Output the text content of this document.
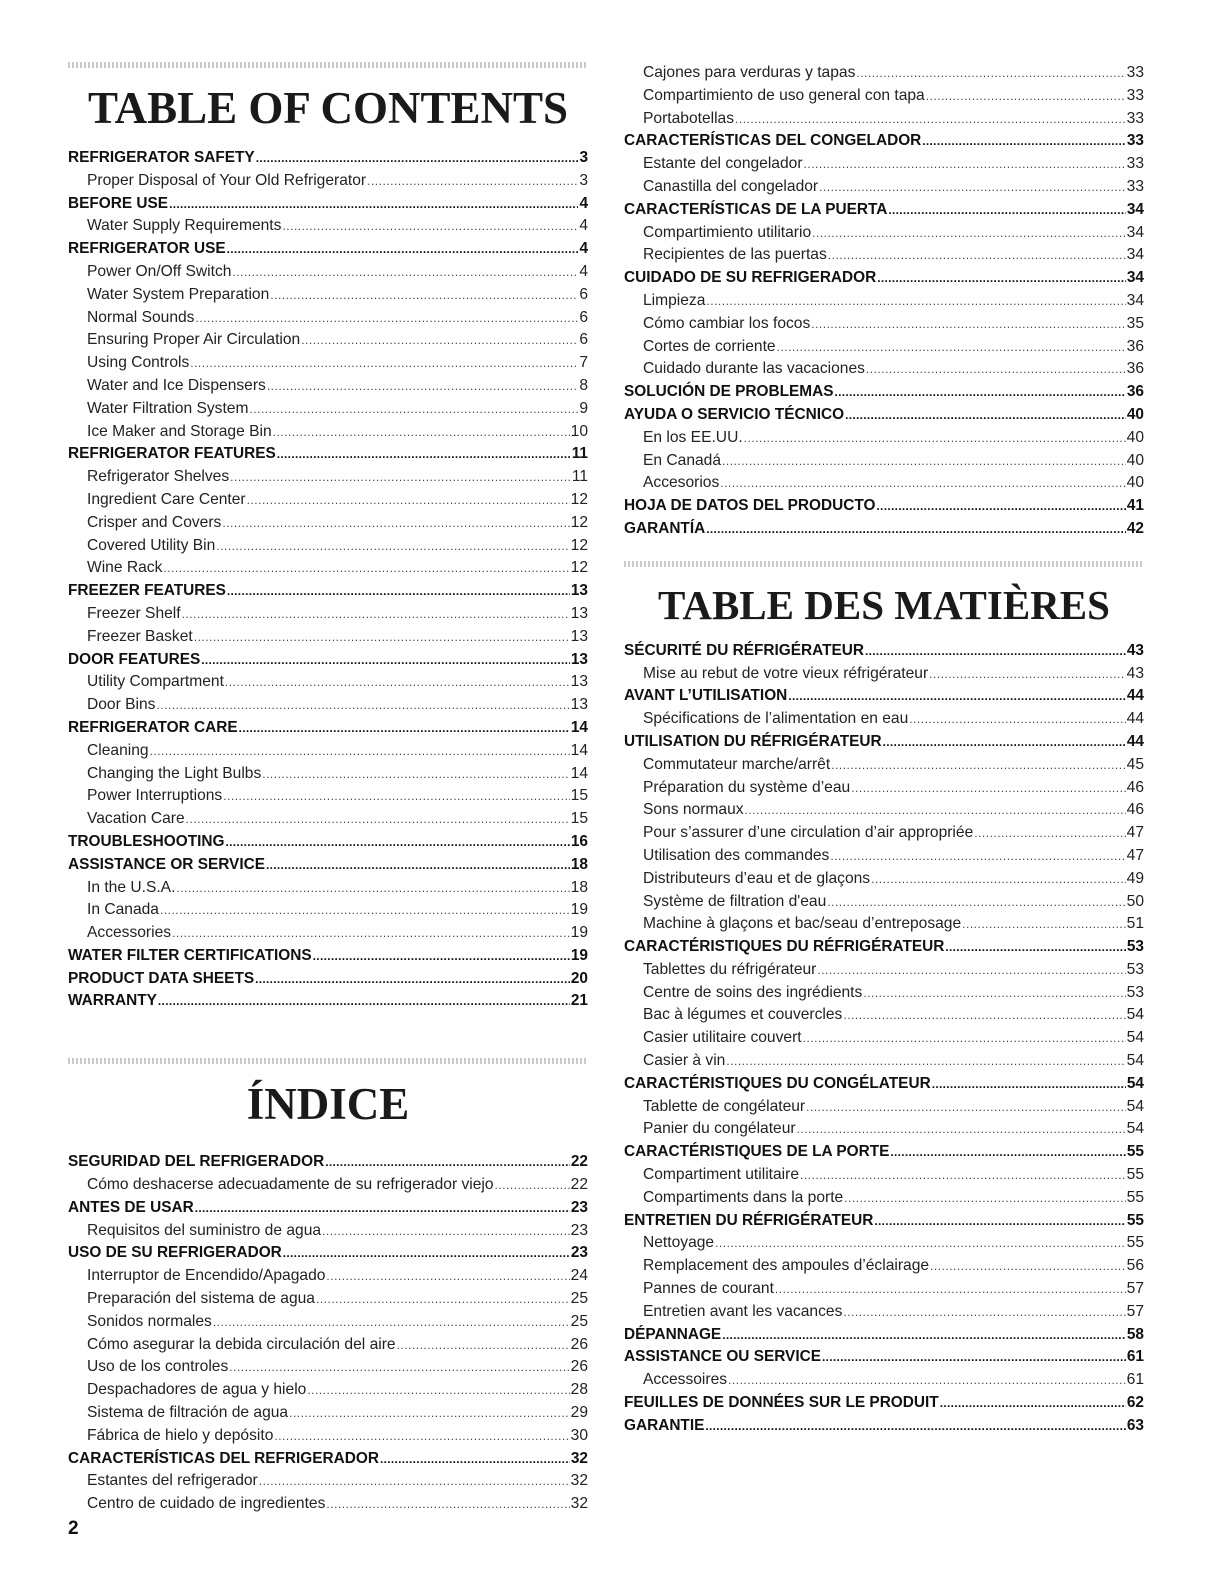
TABLE OF CONTENTS
REFRIGERATOR SAFETY .....	3
Proper Disposal of Your Old Refrigerator .....	3
BEFORE USE .....	4
Water Supply Requirements .....	4
REFRIGERATOR USE .....	4
Power On/Off Switch .....	4
Water System Preparation .....	6
Normal Sounds .....	6
Ensuring Proper Air Circulation .....	6
Using Controls .....	7
Water and Ice Dispensers .....	8
Water Filtration System .....	9
Ice Maker and Storage Bin .....	10
REFRIGERATOR FEATURES .....	11
Refrigerator Shelves .....	11
Ingredient Care Center .....	12
Crisper and Covers .....	12
Covered Utility Bin .....	12
Wine Rack .....	12
FREEZER FEATURES .....	13
Freezer Shelf .....	13
Freezer Basket .....	13
DOOR FEATURES .....	13
Utility Compartment .....	13
Door Bins .....	13
REFRIGERATOR CARE .....	14
Cleaning .....	14
Changing the Light Bulbs .....	14
Power Interruptions .....	15
Vacation Care .....	15
TROUBLESHOOTING .....	16
ASSISTANCE OR SERVICE .....	18
In the U.S.A. .....	18
In Canada .....	19
Accessories .....	19
WATER FILTER CERTIFICATIONS .....	19
PRODUCT DATA SHEETS .....	20
WARRANTY .....	21
ÍNDICE
SEGURIDAD DEL REFRIGERADOR .....	22
Cómo deshacerse adecuadamente de su refrigerador viejo .....	22
ANTES DE USAR .....	23
Requisitos del suministro de agua .....	23
USO DE SU REFRIGERADOR .....	23
Interruptor de Encendido/Apagado .....	24
Preparación del sistema de agua .....	25
Sonidos normales .....	25
Cómo asegurar la debida circulación del aire .....	26
Uso de los controles .....	26
Despachadores de agua y hielo .....	28
Sistema de filtración de agua .....	29
Fábrica de hielo y depósito .....	30
CARACTERÍSTICAS DEL REFRIGERADOR .....	32
Estantes del refrigerador .....	32
Centro de cuidado de ingredientes .....	32
Cajones para verduras y tapas .....	33
Compartimiento de uso general con tapa .....	33
Portabotellas .....	33
CARACTERÍSTICAS DEL CONGELADOR .....	33
Estante del congelador .....	33
Canastilla del congelador .....	33
CARACTERÍSTICAS DE LA PUERTA .....	34
Compartimiento utilitario .....	34
Recipientes de las puertas .....	34
CUIDADO DE SU REFRIGERADOR .....	34
Limpieza .....	34
Cómo cambiar los focos .....	35
Cortes de corriente .....	36
Cuidado durante las vacaciones .....	36
SOLUCIÓN DE PROBLEMAS .....	36
AYUDA O SERVICIO TÉCNICO .....	40
En los EE.UU. .....	40
En Canadá .....	40
Accesorios .....	40
HOJA DE DATOS DEL PRODUCTO .....	41
GARANTÍA .....	42
TABLE DES MATIÈRES
SÉCURITÉ DU RÉFRIGÉRATEUR .....	43
Mise au rebut de votre vieux réfrigérateur .....	43
AVANT L’UTILISATION .....	44
Spécifications de l’alimentation en eau .....	44
UTILISATION DU RÉFRIGÉRATEUR .....	44
Commutateur marche/arrêt .....	45
Préparation du système d’eau .....	46
Sons normaux .....	46
Pour s’assurer d’une circulation d’air appropriée .....	47
Utilisation des commandes .....	47
Distributeurs d’eau et de glaçons .....	49
Système de filtration d'eau .....	50
Machine à glaçons et bac/seau d’entreposage .....	51
CARACTÉRISTIQUES DU RÉFRIGÉRATEUR .....	53
Tablettes du réfrigérateur .....	53
Centre de soins des ingrédients .....	53
Bac à légumes et couvercles .....	54
Casier utilitaire couvert .....	54
Casier à vin .....	54
CARACTÉRISTIQUES DU CONGÉLATEUR .....	54
Tablette de congélateur .....	54
Panier du congélateur .....	54
CARACTÉRISTIQUES DE LA PORTE .....	55
Compartiment utilitaire .....	55
Compartiments dans la porte .....	55
ENTRETIEN DU RÉFRIGÉRATEUR .....	55
Nettoyage .....	55
Remplacement des ampoules d’éclairage .....	56
Pannes de courant .....	57
Entretien avant les vacances .....	57
DÉPANNAGE .....	58
ASSISTANCE OU SERVICE .....	61
Accessoires .....	61
FEUILLES DE DONNÉES SUR LE PRODUIT .....	62
GARANTIE .....	63
2
